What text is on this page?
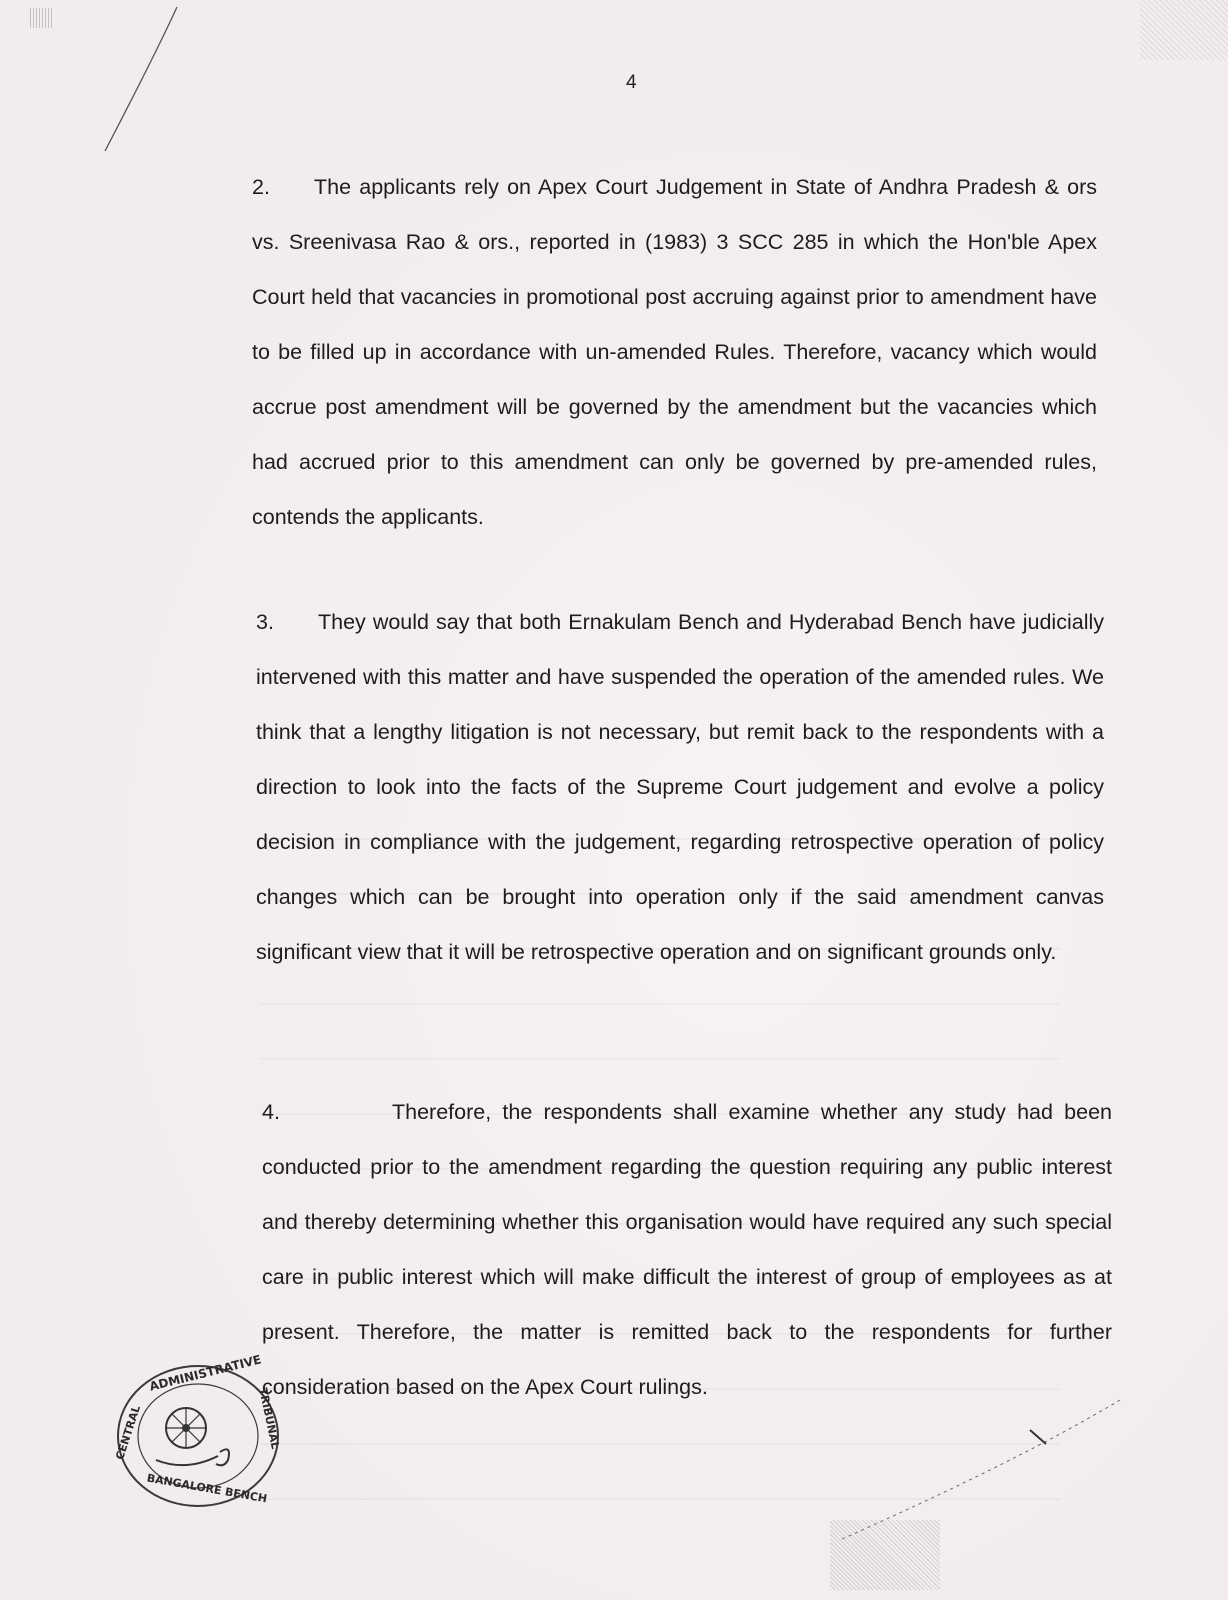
4
2. The applicants rely on Apex Court Judgement in State of Andhra Pradesh & ors vs. Sreenivasa Rao & ors., reported in (1983) 3 SCC 285 in which the Hon'ble Apex Court held that vacancies in promotional post accruing against prior to amendment have to be filled up in accordance with un-amended Rules. Therefore, vacancy which would accrue post amendment will be governed by the amendment but the vacancies which had accrued prior to this amendment can only be governed by pre-amended rules, contends the applicants.
3. They would say that both Ernakulam Bench and Hyderabad Bench have judicially intervened with this matter and have suspended the operation of the amended rules. We think that a lengthy litigation is not necessary, but remit back to the respondents with a direction to look into the facts of the Supreme Court judgement and evolve a policy decision in compliance with the judgement, regarding retrospective operation of policy changes which can be brought into operation only if the said amendment canvas significant view that it will be retrospective operation and on significant grounds only.
4.	Therefore, the respondents shall examine whether any study had been conducted prior to the amendment regarding the question requiring any public interest and thereby determining whether this organisation would have required any such special care in public interest which will make difficult the interest of group of employees as at present. Therefore, the matter is remitted back to the respondents for further consideration based on the Apex Court rulings.
ADMINISTRATIVE
CENTRAL	TRIBUNAL
BANGALORE BENCH
